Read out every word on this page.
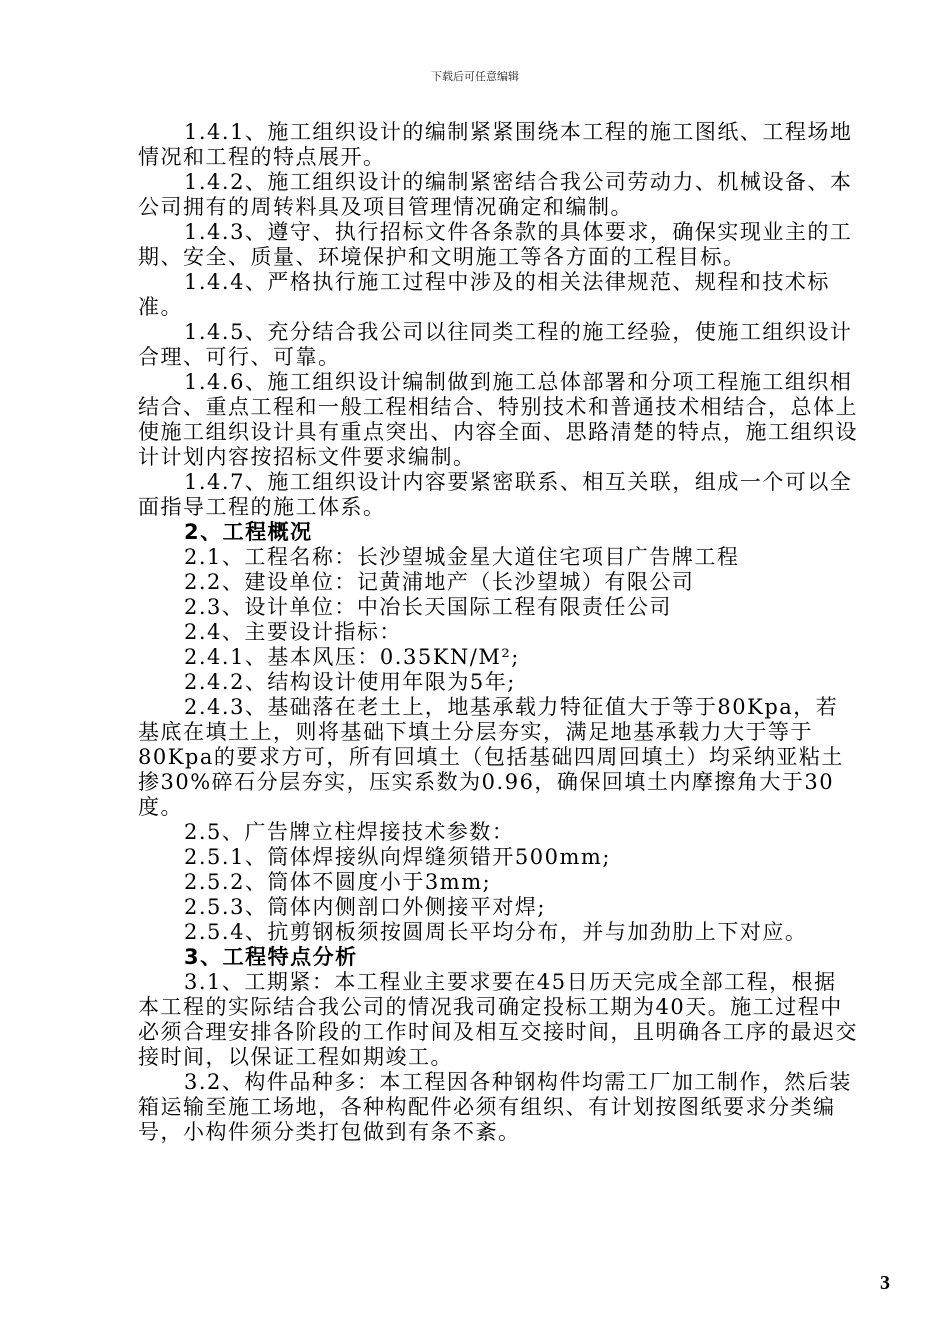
下载后可任意编辑

1.4.1、施工组织设计的编制紧紧围绕本工程的施工图纸、工程场地情况和工程的特点展开。

1.4.2、施工组织设计的编制紧密结合我公司劳动力、机械设备、本公司拥有的周转料具及项目管理情况确定和编制。

1.4.3、遵守、执行招标文件各条款的具体要求，确保实现业主的工期、安全、质量、环境保护和文明施工等各方面的工程目标。

1.4.4、严格执行施工过程中涉及的相关法律规范、规程和技术标准。

1.4.5、充分结合我公司以往同类工程的施工经验，使施工组织设计合理、可行、可靠。

1.4.6、施工组织设计编制做到施工总体部署和分项工程施工组织相结合、重点工程和一般工程相结合、特别技术和普通技术相结合，总体上使施工组织设计具有重点突出、内容全面、思路清楚的特点，施工组织设计计划内容按招标文件要求编制。

1.4.7、施工组织设计内容要紧密联系、相互关联，组成一个可以全面指导工程的施工体系。

2、工程概况

2.1、工程名称：长沙望城金星大道住宅项目广告牌工程

2.2、建设单位：记黄浦地产（长沙望城）有限公司

2.3、设计单位：中冶长天国际工程有限责任公司

2.4、主要设计指标：

2.4.1、基本风压：0.35KN/M²;

2.4.2、结构设计使用年限为5年;

2.4.3、基础落在老土上，地基承载力特征值大于等于80Kpa，若基底在填土上，则将基础下填土分层夯实，满足地基承载力大于等于80Kpa的要求方可，所有回填土（包括基础四周回填土）均采纳亚粘土掺30%碎石分层夯实，压实系数为0.96，确保回填土内摩擦角大于30度。

2.5、广告牌立柱焊接技术参数：

2.5.1、筒体焊接纵向焊缝须错开500mm;

2.5.2、筒体不圆度小于3mm;

2.5.3、筒体内侧剖口外侧接平对焊;

2.5.4、抗剪钢板须按圆周长平均分布，并与加劲肋上下对应。

3、工程特点分析

3.1、工期紧：本工程业主要求要在45日历天完成全部工程，根据本工程的实际结合我公司的情况我司确定投标工期为40天。施工过程中必须合理安排各阶段的工作时间及相互交接时间，且明确各工序的最迟交接时间，以保证工程如期竣工。

3.2、构件品种多：本工程因各种钢构件均需工厂加工制作，然后装箱运输至施工场地，各种构配件必须有组织、有计划按图纸要求分类编号，小构件须分类打包做到有条不紊。

3
